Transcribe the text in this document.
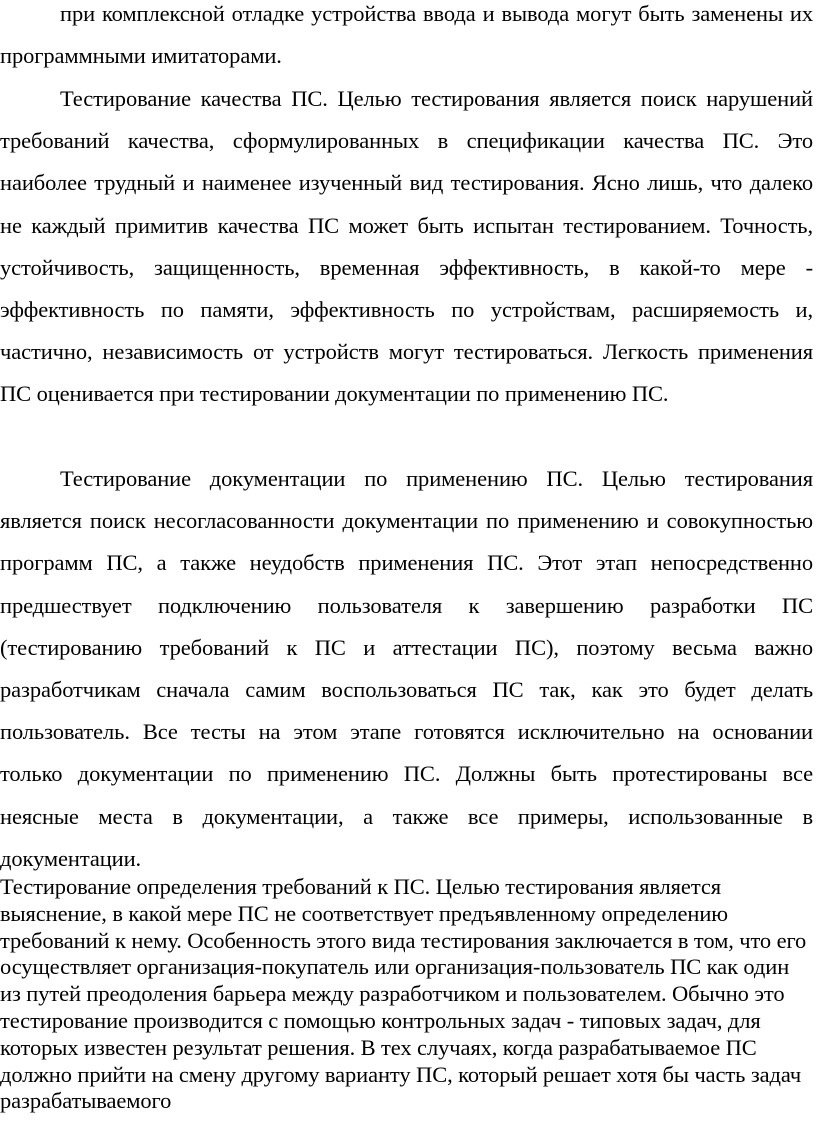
при комплексной отладке устройства ввода и вывода могут быть заменены их программными имитаторами.

Тестирование качества ПС. Целью тестирования является поиск нарушений требований качества, сформулированных в спецификации качества ПС. Это наиболее трудный и наименее изученный вид тестирования. Ясно лишь, что далеко не каждый примитив качества ПС может быть испытан тестированием. Точность, устойчивость, защищенность, временная эффективность, в какой-то мере - эффективность по памяти, эффективность по устройствам, расширяемость и, частично, независимость от устройств могут тестироваться. Легкость применения ПС оценивается при тестировании документации по применению ПС.

Тестирование документации по применению ПС. Целью тестирования является поиск несогласованности документации по применению и совокупностью программ ПС, а также неудобств применения ПС. Этот этап непосредственно предшествует подключению пользователя к завершению разработки ПС (тестированию требований к ПС и аттестации ПС), поэтому весьма важно разработчикам сначала самим воспользоваться ПС так, как это будет делать пользователь. Все тесты на этом этапе готовятся исключительно на основании только документации по применению ПС. Должны быть протестированы все неясные места в документации, а также все примеры, использованные в документации.

Тестирование определения требований к ПС. Целью тестирования является выяснение, в какой мере ПС не соответствует предъявленному определению требований к нему. Особенность этого вида тестирования заключается в том, что его осуществляет организация-покупатель или организация-пользователь ПС как один из путей преодоления барьера между разработчиком и пользователем. Обычно это тестирование производится с помощью контрольных задач - типовых задач, для которых известен результат решения. В тех случаях, когда разрабатываемое ПС должно прийти на смену другому варианту ПС, который решает хотя бы часть задач разрабатываемого
